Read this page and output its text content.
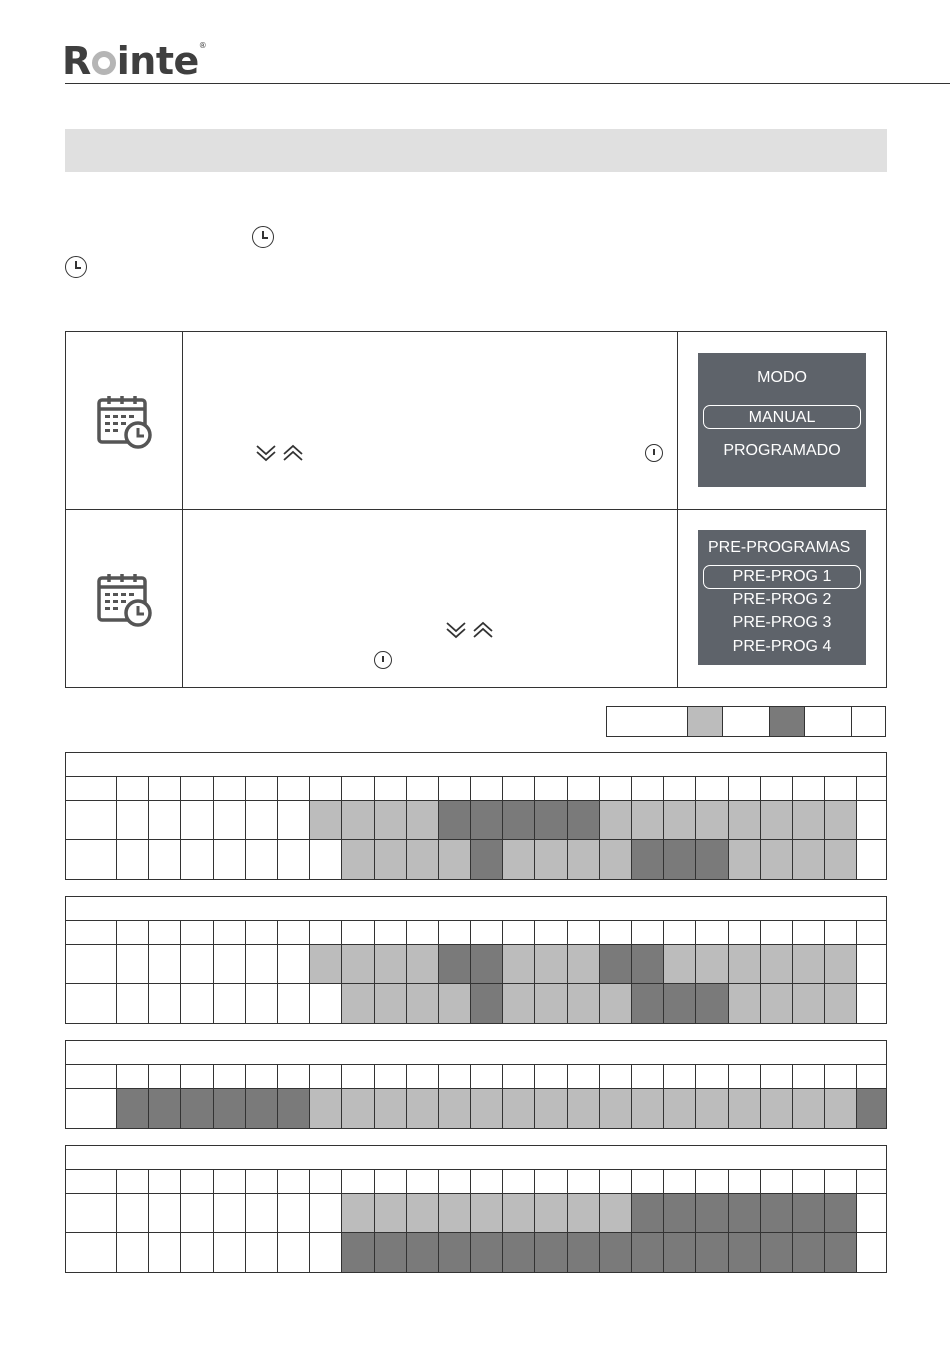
R inte®
MODO
MANUAL
PROGRAMADO
PRE-PROGRAMAS
PRE-PROG 1
PRE-PROG 2
PRE-PROG 3
PRE-PROG 4
